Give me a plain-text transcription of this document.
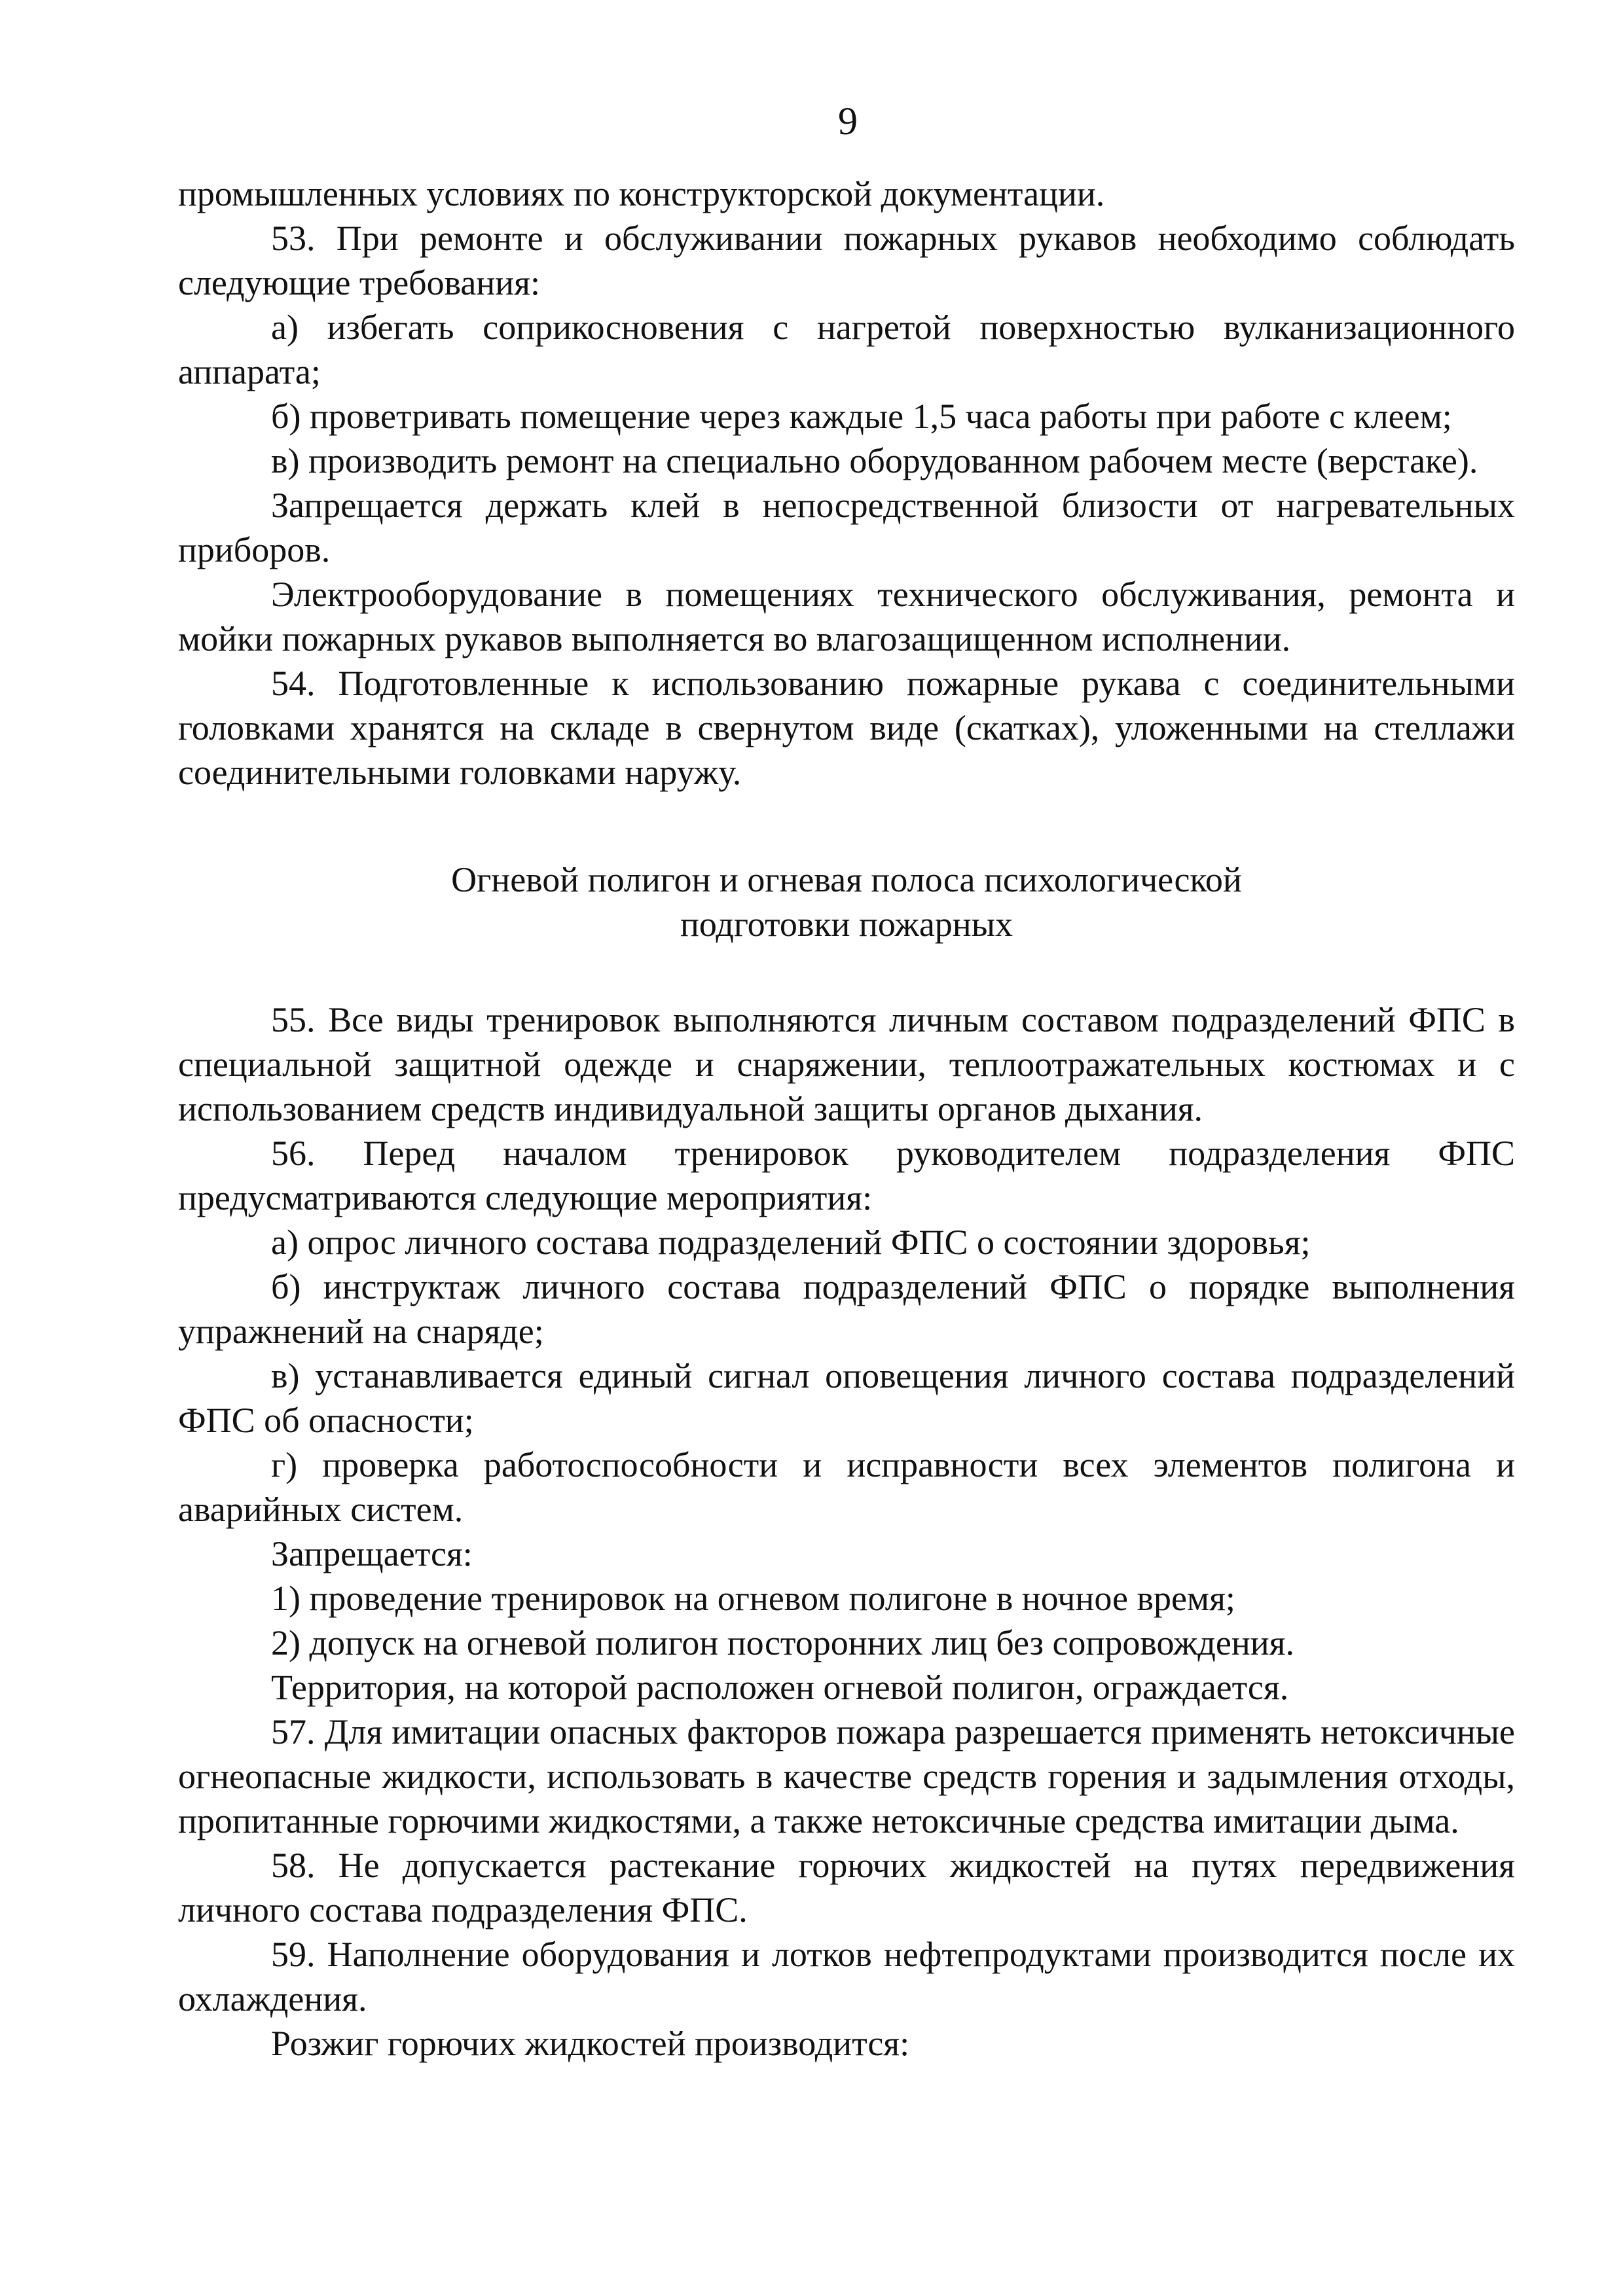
9

промышленных условиях по конструкторской документации.

53. При ремонте и обслуживании пожарных рукавов необходимо соблюдать следующие требования:

а) избегать соприкосновения с нагретой поверхностью вулканизационного аппарата;

б) проветривать помещение через каждые 1,5 часа работы при работе с клеем;

в) производить ремонт на специально оборудованном рабочем месте (верстаке).

Запрещается держать клей в непосредственной близости от нагревательных приборов.

Электрооборудование в помещениях технического обслуживания, ремонта и мойки пожарных рукавов выполняется во влагозащищенном исполнении.

54. Подготовленные к использованию пожарные рукава с соединительными головками хранятся на складе в свернутом виде (скатках), уложенными на стеллажи соединительными головками наружу.

Огневой полигон и огневая полоса психологической
подготовки пожарных

55. Все виды тренировок выполняются личным составом подразделений ФПС в специальной защитной одежде и снаряжении, теплоотражательных костюмах и с использованием средств индивидуальной защиты органов дыхания.

56. Перед началом тренировок руководителем подразделения ФПС предусматриваются следующие мероприятия:

а) опрос личного состава подразделений ФПС о состоянии здоровья;

б) инструктаж личного состава подразделений ФПС о порядке выполнения упражнений на снаряде;

в) устанавливается единый сигнал оповещения личного состава подразделений ФПС об опасности;

г) проверка работоспособности и исправности всех элементов полигона и аварийных систем.

Запрещается:

1) проведение тренировок на огневом полигоне в ночное время;

2) допуск на огневой полигон посторонних лиц без сопровождения.

Территория, на которой расположен огневой полигон, ограждается.

57. Для имитации опасных факторов пожара разрешается применять нетоксичные огнеопасные жидкости, использовать в качестве средств горения и задымления отходы, пропитанные горючими жидкостями, а также нетоксичные средства имитации дыма.

58. Не допускается растекание горючих жидкостей на путях передвижения личного состава подразделения ФПС.

59. Наполнение оборудования и лотков нефтепродуктами производится после их охлаждения.

Розжиг горючих жидкостей производится:
